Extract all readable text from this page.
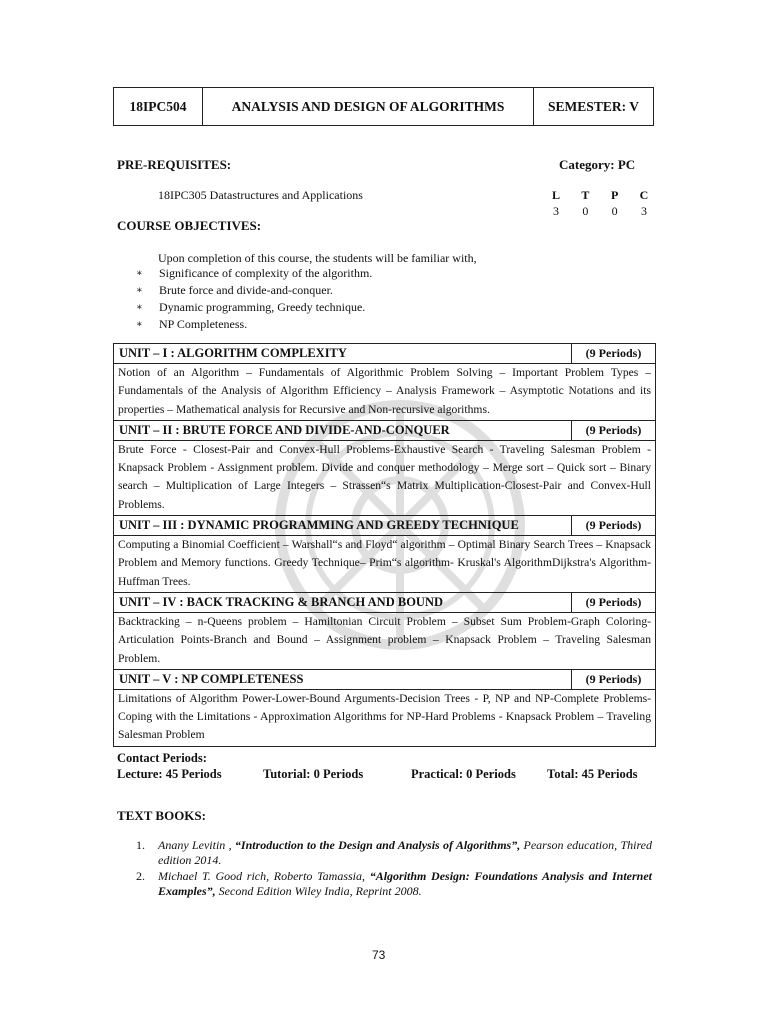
18IPC504	ANALYSIS AND DESIGN OF ALGORITHMS	SEMESTER: V
PRE-REQUISITES:	Category: PC
18IPC305 Datastructures and Applications	L T P C
3 0 0 3
COURSE OBJECTIVES:
Upon completion of this course, the students will be familiar with,
∗	Significance of complexity of the algorithm.
∗	Brute force and divide-and-conquer.
∗	Dynamic programming, Greedy technique.
∗	NP Completeness.
UNIT – I : ALGORITHM COMPLEXITY	(9 Periods)
Notion of an Algorithm – Fundamentals of Algorithmic Problem Solving – Important Problem Types – Fundamentals of the Analysis of Algorithm Efficiency – Analysis Framework – Asymptotic Notations and its properties – Mathematical analysis for Recursive and Non-recursive algorithms.
UNIT – II : BRUTE FORCE AND DIVIDE-AND-CONQUER	(9 Periods)
Brute Force - Closest-Pair and Convex-Hull Problems-Exhaustive Search - Traveling Salesman Problem - Knapsack Problem - Assignment problem. Divide and conquer methodology – Merge sort – Quick sort – Binary search – Multiplication of Large Integers – Strassen“s Matrix Multiplication-Closest-Pair and Convex-Hull Problems.
UNIT – III : DYNAMIC PROGRAMMING AND GREEDY TECHNIQUE	(9 Periods)
Computing a Binomial Coefficient – Warshall“s and Floyd“ algorithm – Optimal Binary Search Trees – Knapsack Problem and Memory functions. Greedy Technique– Prim“s algorithm- Kruskal's AlgorithmDijkstra's Algorithm-Huffman Trees.
UNIT – IV : BACK TRACKING & BRANCH AND BOUND	(9 Periods)
Backtracking – n-Queens problem – Hamiltonian Circuit Problem – Subset Sum Problem-Graph Coloring-Articulation Points-Branch and Bound – Assignment problem – Knapsack Problem – Traveling Salesman Problem.
UNIT – V : NP COMPLETENESS	(9 Periods)
Limitations of Algorithm Power-Lower-Bound Arguments-Decision Trees - P, NP and NP-Complete Problems-Coping with the Limitations - Approximation Algorithms for NP-Hard Problems - Knapsack Problem – Traveling Salesman Problem
Contact Periods:
Lecture: 45 Periods	Tutorial: 0 Periods	Practical: 0 Periods Total: 45 Periods
TEXT BOOKS:
1.	Anany Levitin , “Introduction to the Design and Analysis of Algorithms”, Pearson education, Thired edition 2014.
2.	Michael T. Good rich, Roberto Tamassia, “Algorithm Design: Foundations Analysis and Internet Examples”, Second Edition Wiley India, Reprint 2008.
73
